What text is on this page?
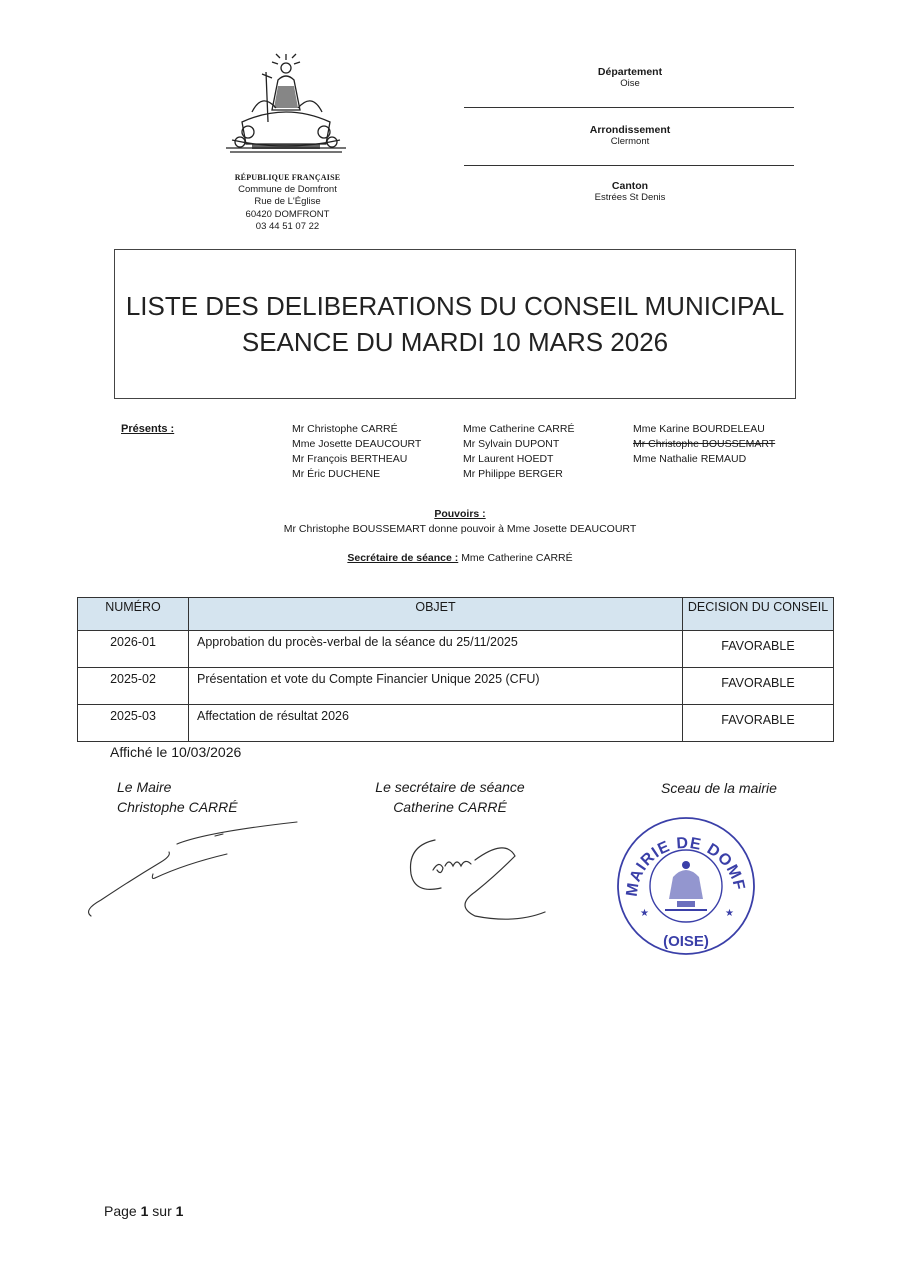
RÉPUBLIQUE FRANÇAISE
Commune de Domfront
Rue de L'Église
60420 DOMFRONT
03 44 51 07 22
Département
Oise
Arrondissement
Clermont
Canton
Estrées St Denis
LISTE DES DELIBERATIONS DU CONSEIL MUNICIPAL
SEANCE DU MARDI 10 MARS 2026
Présents :	Mr Christophe CARRÉ
Mme Josette DEAUCOURT
Mr François BERTHEAU
Mr Éric DUCHENE
Mme Catherine CARRÉ
Mr Sylvain DUPONT
Mr Laurent HOEDT
Mr Philippe BERGER
Mme Karine BOURDELEAU
Mr Christophe BOUSSEMART
Mme Nathalie REMAUD
Pouvoirs :
Mr Christophe BOUSSEMART donne pouvoir à Mme Josette DEAUCOURT
Secrétaire de séance : Mme Catherine CARRÉ
NUMÉRO	OBJET	DECISION DU CONSEIL
2026-01	Approbation du procès-verbal de la séance du 25/11/2025	FAVORABLE
2025-02	Présentation et vote du Compte Financier Unique 2025 (CFU)	FAVORABLE
2025-03	Affectation de résultat 2026	FAVORABLE
Affiché le 10/03/2026
Le Maire
Christophe CARRÉ
Le secrétaire de séance
Catherine CARRÉ
Sceau de la mairie
MAIRIE DE DOMF
★	★
(OISE)
Page 1 sur 1
